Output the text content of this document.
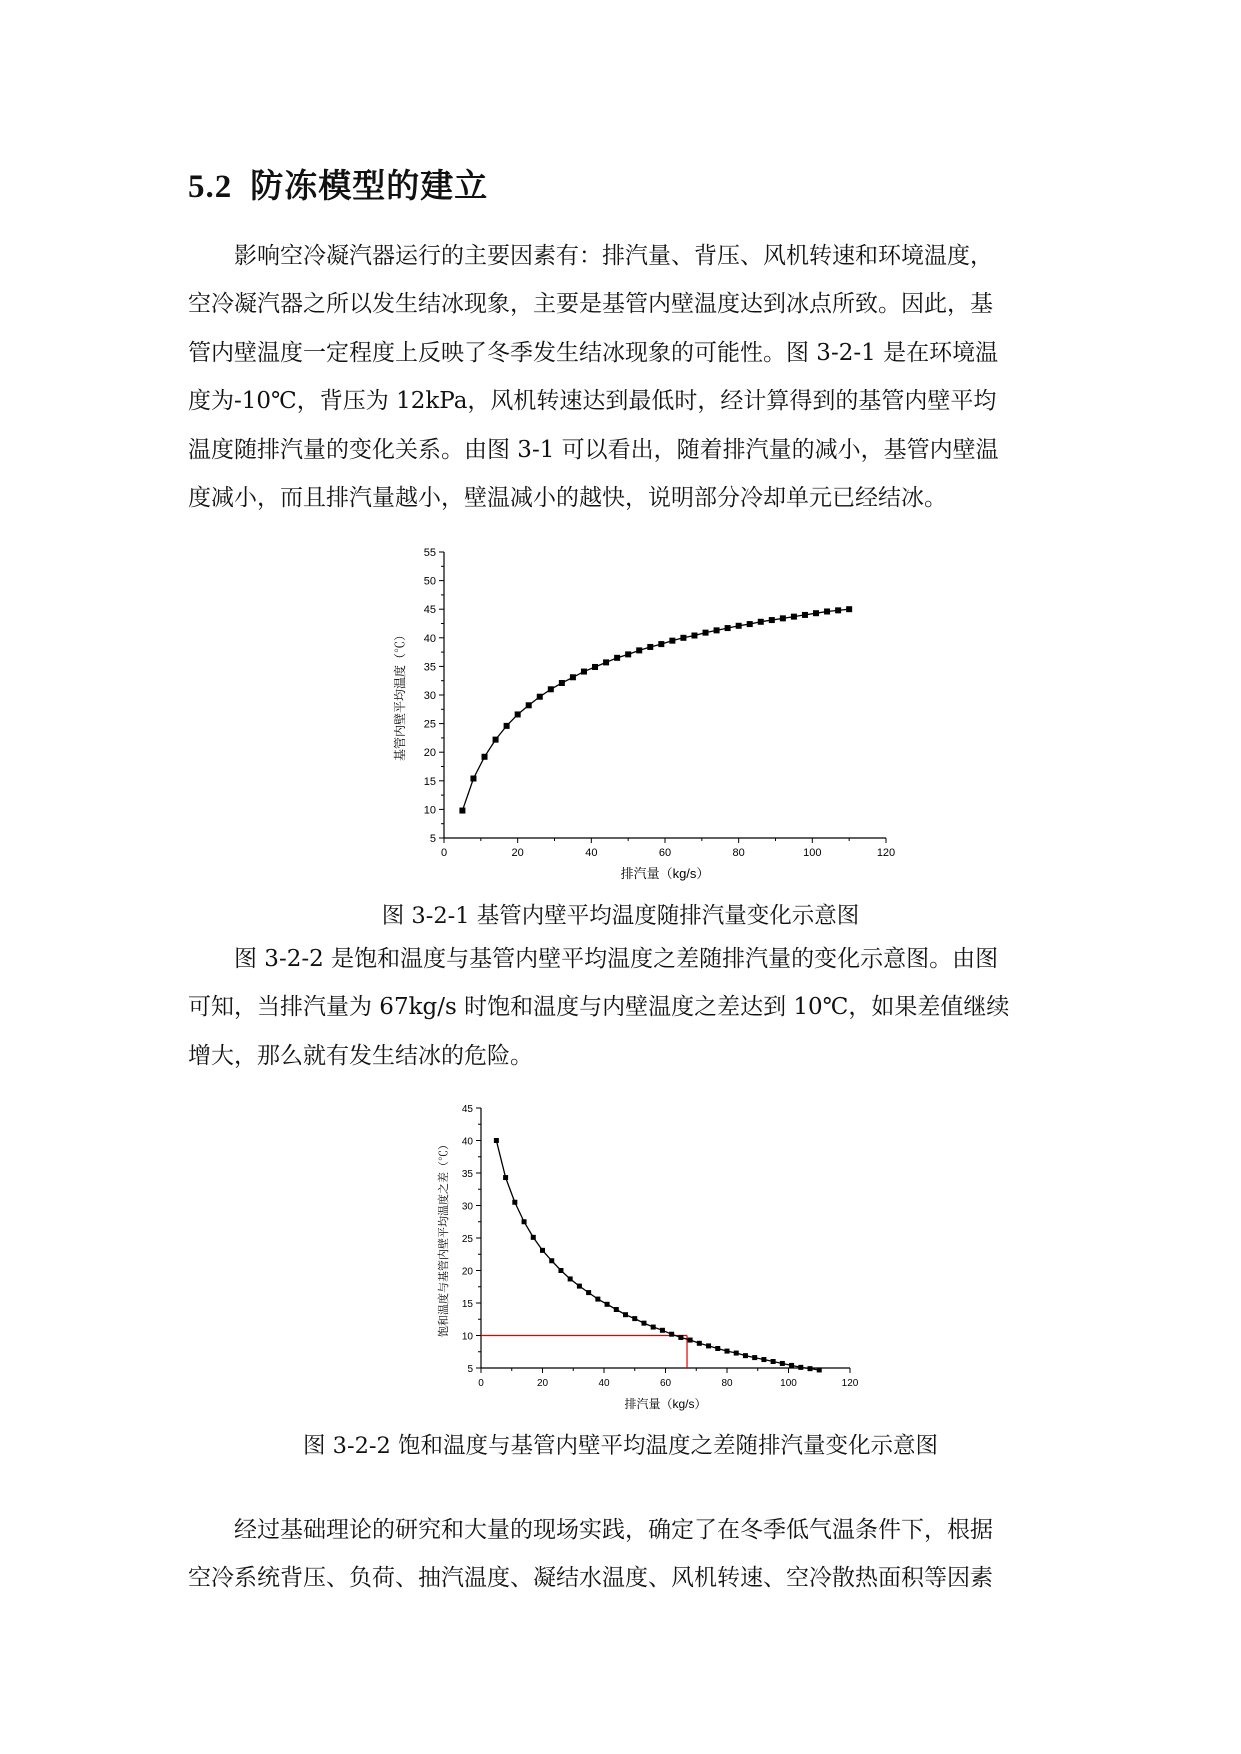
5.2 防冻模型的建立
　　影响空冷凝汽器运行的主要因素有：排汽量、背压、风机转速和环境温度，
空冷凝汽器之所以发生结冰现象，主要是基管内壁温度达到冰点所致。因此，基
管内壁温度一定程度上反映了冬季发生结冰现象的可能性。图 3-2-1 是在环境温
度为-10℃，背压为 12kPa，风机转速达到最低时，经计算得到的基管内壁平均
温度随排汽量的变化关系。由图 3-1 可以看出，随着排汽量的减小，基管内壁温
度减小，而且排汽量越小，壁温减小的越快，说明部分冷却单元已经结冰。
0	20	40	60	80	100	120
5
10
15
20
25
30
35
40
45
50
55
排汽量（kg/s）
基管内壁平均温度（℃）
图 3-2-1 基管内壁平均温度随排汽量变化示意图
　　图 3-2-2 是饱和温度与基管内壁平均温度之差随排汽量的变化示意图。由图
可知，当排汽量为 67kg/s 时饱和温度与内壁温度之差达到 10℃，如果差值继续
增大，那么就有发生结冰的危险。
0	20	40	60	80	100	120
5
10
15
20
25
30
35
40
45
排汽量（kg/s）
饱和温度与基管内壁平均温度之差（℃）
图 3-2-2 饱和温度与基管内壁平均温度之差随排汽量变化示意图
　　经过基础理论的研究和大量的现场实践，确定了在冬季低气温条件下，根据
空冷系统背压、负荷、抽汽温度、凝结水温度、风机转速、空冷散热面积等因素
